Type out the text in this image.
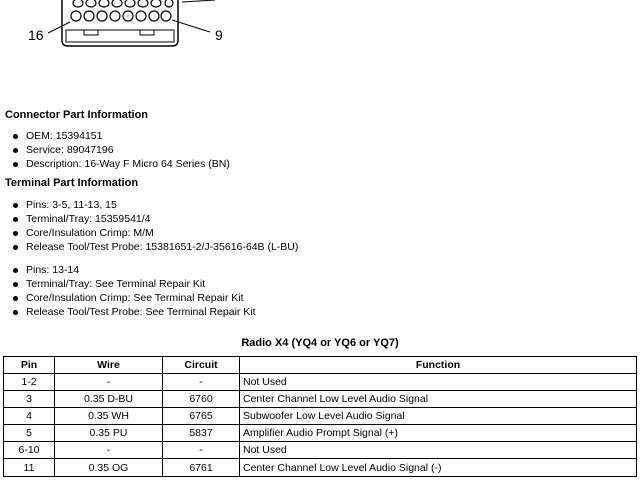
16	9
Connector Part Information
OEM: 15394151
Service: 89047196
Description: 16-Way F Micro 64 Series (BN)
Terminal Part Information
Pins: 3-5, 11-13, 15
Terminal/Tray: 15359541/4
Core/Insulation Crimp: M/M
Release Tool/Test Probe: 15381651-2/J-35616-64B (L-BU)
Pins: 13-14
Terminal/Tray: See Terminal Repair Kit
Core/Insulation Crimp: See Terminal Repair Kit
Release Tool/Test Probe: See Terminal Repair Kit
Radio X4 (YQ4 or YQ6 or YQ7)
Pin	Wire	Circuit	Function
1-2	-	-	Not Used
3	0.35 D-BU	6760	Center Channel Low Level Audio Signal
4	0.35 WH	6765	Subwoofer Low Level Audio Signal
5	0.35 PU	5837	Amplifier Audio Prompt Signal (+)
6-10	-	-	Not Used
11	0.35 OG	6761	Center Channel Low Level Audio Signal (-)
